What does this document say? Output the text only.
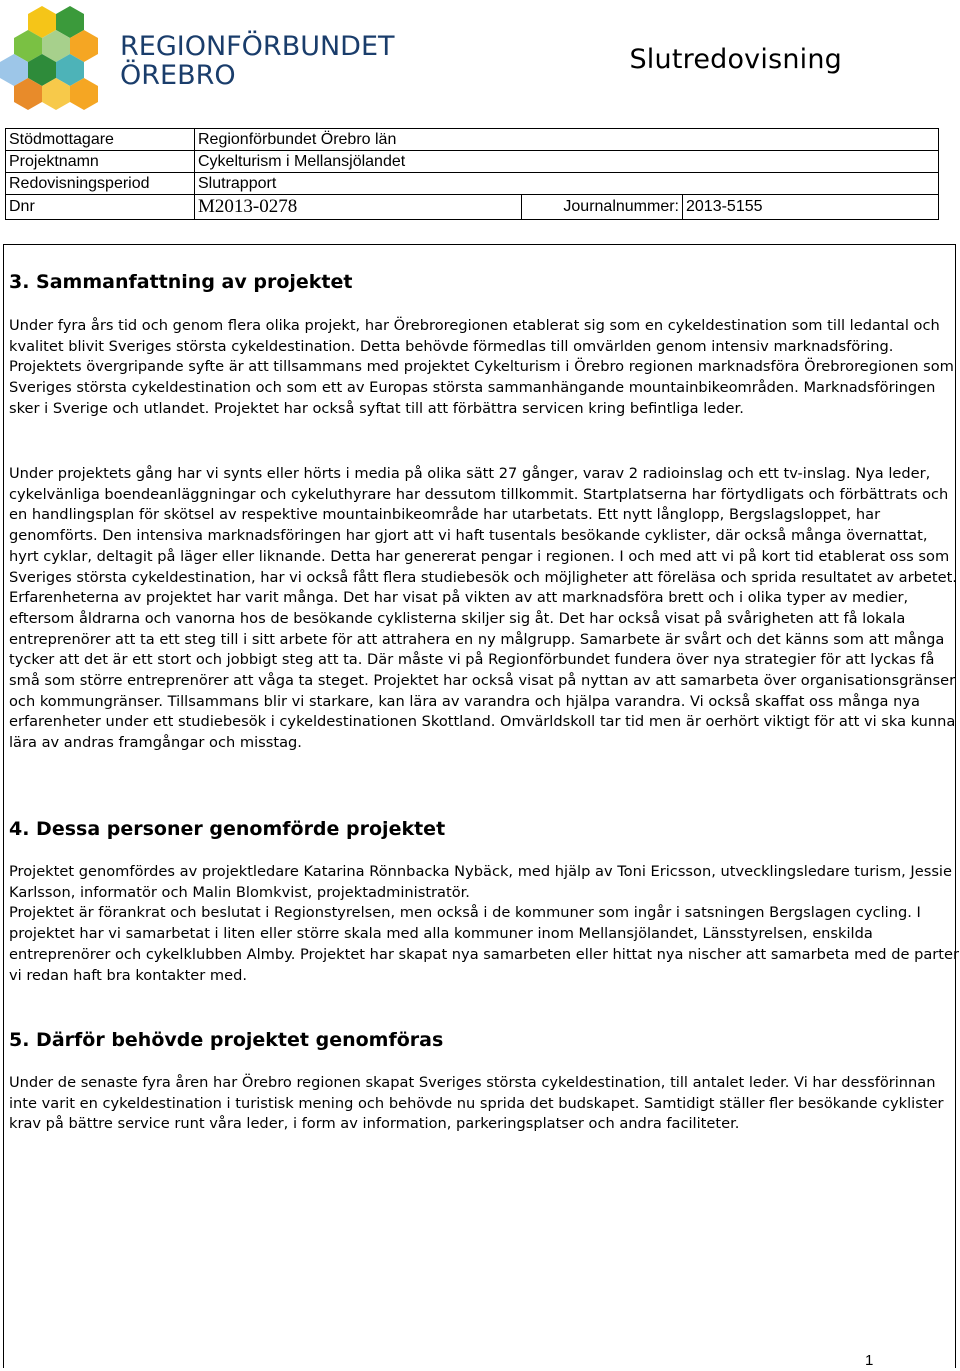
REGIONFÖRBUNDET
ÖREBRO
Slutredovisning
Stödmottagare	Regionförbundet Örebro län		
Projektnamn	Cykelturism i Mellansjölandet		
Redovisningsperiod	Slutrapport		
Dnr	M2013-0278	Journalnummer:	2013-5155
3. Sammanfattning av projektet

Under fyra års tid och genom flera olika projekt, har Örebroregionen etablerat sig som en cykeldestination som till ledantal och kvalitet blivit Sveriges största cykeldestination. Detta behövde förmedlas till omvärlden genom intensiv marknadsföring. Projektets övergripande syfte är att tillsammans med projektet Cykelturism i Örebro regionen marknadsföra Örebroregionen som Sveriges största cykeldestination och som ett av Europas största sammanhängande mountainbikeområden. Marknadsföringen sker i Sverige och utlandet. Projektet har också syftat till att förbättra servicen kring befintliga leder.

Under projektets gång har vi synts eller hörts i media på olika sätt 27 gånger, varav 2 radioinslag och ett tv-inslag. Nya leder, cykelvänliga boendeanläggningar och cykeluthyrare har dessutom tillkommit. Startplatserna har förtydligats och förbättrats och en handlingsplan för skötsel av respektive mountainbikeområde har utarbetats. Ett nytt långlopp, Bergslagsloppet, har genomförts. Den intensiva marknadsföringen har gjort att vi haft tusentals besökande cyklister, där också många övernattat, hyrt cyklar, deltagit på läger eller liknande. Detta har genererat pengar i regionen. I och med att vi på kort tid etablerat oss som Sveriges största cykeldestination, har vi också fått flera studiebesök och möjligheter att föreläsa och sprida resultatet av arbetet. Erfarenheterna av projektet har varit många. Det har visat på vikten av att marknadsföra brett och i olika typer av medier, eftersom åldrarna och vanorna hos de besökande cyklisterna skiljer sig åt. Det har också visat på svårigheten att få lokala entreprenörer att ta ett steg till i sitt arbete för att attrahera en ny målgrupp. Samarbete är svårt och det känns som att många tycker att det är ett stort och jobbigt steg att ta. Där måste vi på Regionförbundet fundera över nya strategier för att lyckas få små som större entreprenörer att våga ta steget. Projektet har också visat på nyttan av att samarbeta över organisationsgränser och kommungränser. Tillsammans blir vi starkare, kan lära av varandra och hjälpa varandra. Vi också skaffat oss många nya erfarenheter under ett studiebesök i cykeldestinationen Skottland. Omvärldskoll tar tid men är oerhört viktigt för att vi ska kunna lära av andras framgångar och misstag.

4. Dessa personer genomförde projektet

Projektet genomfördes av projektledare Katarina Rönnbacka Nybäck, med hjälp av Toni Ericsson, utvecklingsledare turism, Jessie Karlsson, informatör och Malin Blomkvist, projektadministratör.

Projektet är förankrat och beslutat i Regionstyrelsen, men också i de kommuner som ingår i satsningen Bergslagen cycling. I projektet har vi samarbetat i liten eller större skala med alla kommuner inom Mellansjölandet, Länsstyrelsen, enskilda entreprenörer och cykelklubben Almby. Projektet har skapat nya samarbeten eller hittat nya nischer att samarbeta med de parter vi redan haft bra kontakter med.

5. Därför behövde projektet genomföras

Under de senaste fyra åren har Örebro regionen skapat Sveriges största cykeldestination, till antalet leder. Vi har dessförinnan inte varit en cykeldestination i turistisk mening och behövde nu sprida det budskapet. Samtidigt ställer fler besökande cyklister krav på bättre service runt våra leder, i form av information, parkeringsplatser och andra faciliteter.

1
